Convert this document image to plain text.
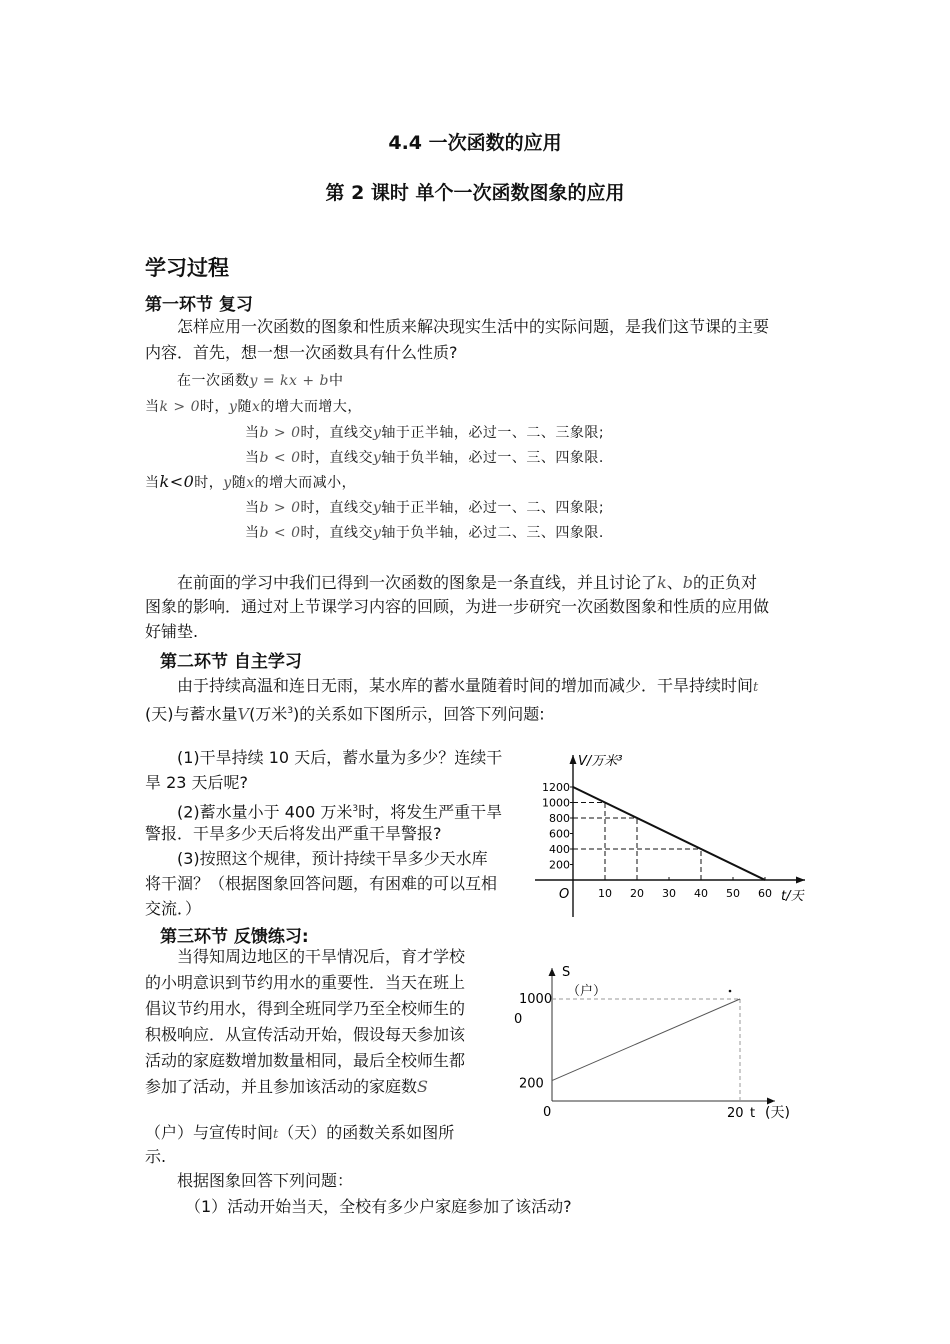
4.4 一次函数的应用
第 2 课时 单个一次函数图象的应用
学习过程
第一环节 复习
怎样应用一次函数的图象和性质来解决现实生活中的实际问题，是我们这节课的主要
内容．首先，想一想一次函数具有什么性质?
在一次函数y = kx + b中
当k > 0时，y随x的增大而增大，
当b > 0时，直线交y轴于正半轴，必过一、二、三象限;
当b < 0时，直线交y轴于负半轴，必过一、三、四象限.
当k<0时，y随x的增大而减小，
当b > 0时，直线交y轴于正半轴，必过一、二、四象限;
当b < 0时，直线交y轴于负半轴，必过二、三、四象限.
在前面的学习中我们已得到一次函数的图象是一条直线，并且讨论了k、b的正负对
图象的影响．通过对上节课学习内容的回顾，为进一步研究一次函数图象和性质的应用做
好铺垫.
第二环节 自主学习
由于持续高温和连日无雨，某水库的蓄水量随着时间的增加而减少．干旱持续时间t
(天)与蓄水量V(万米$^3$)的关系如下图所示，回答下列问题:
(1)干旱持续 10 天后，蓄水量为多少？连续干
旱 23 天后呢?
(2)蓄水量小于 400 万米$^3$时，将发生严重干旱
警报．干旱多少天后将发出严重干旱警报?
(3)按照这个规律，预计持续干旱多少天水库
将干涸？（根据图象回答问题，有困难的可以互相
交流．）
V/万米³
t/天
O
200
400
600
800
1000
1200
10 20 30 40 50 60
第三环节 反馈练习:
当得知周边地区的干旱情况后，育才学校
的小明意识到节约用水的重要性．当天在班上
倡议节约用水，得到全班同学乃至全校师生的
积极响应．从宣传活动开始，假设每天参加该
活动的家庭数增加数量相同，最后全校师生都
参加了活动，并且参加该活动的家庭数S
（户）与宣传时间t（天）的函数关系如图所
示.
根据图象回答下列问题：
（1）活动开始当天，全校有多少户家庭参加了该活动?
S
（户）
1000
0
200
0	20 t (天)
